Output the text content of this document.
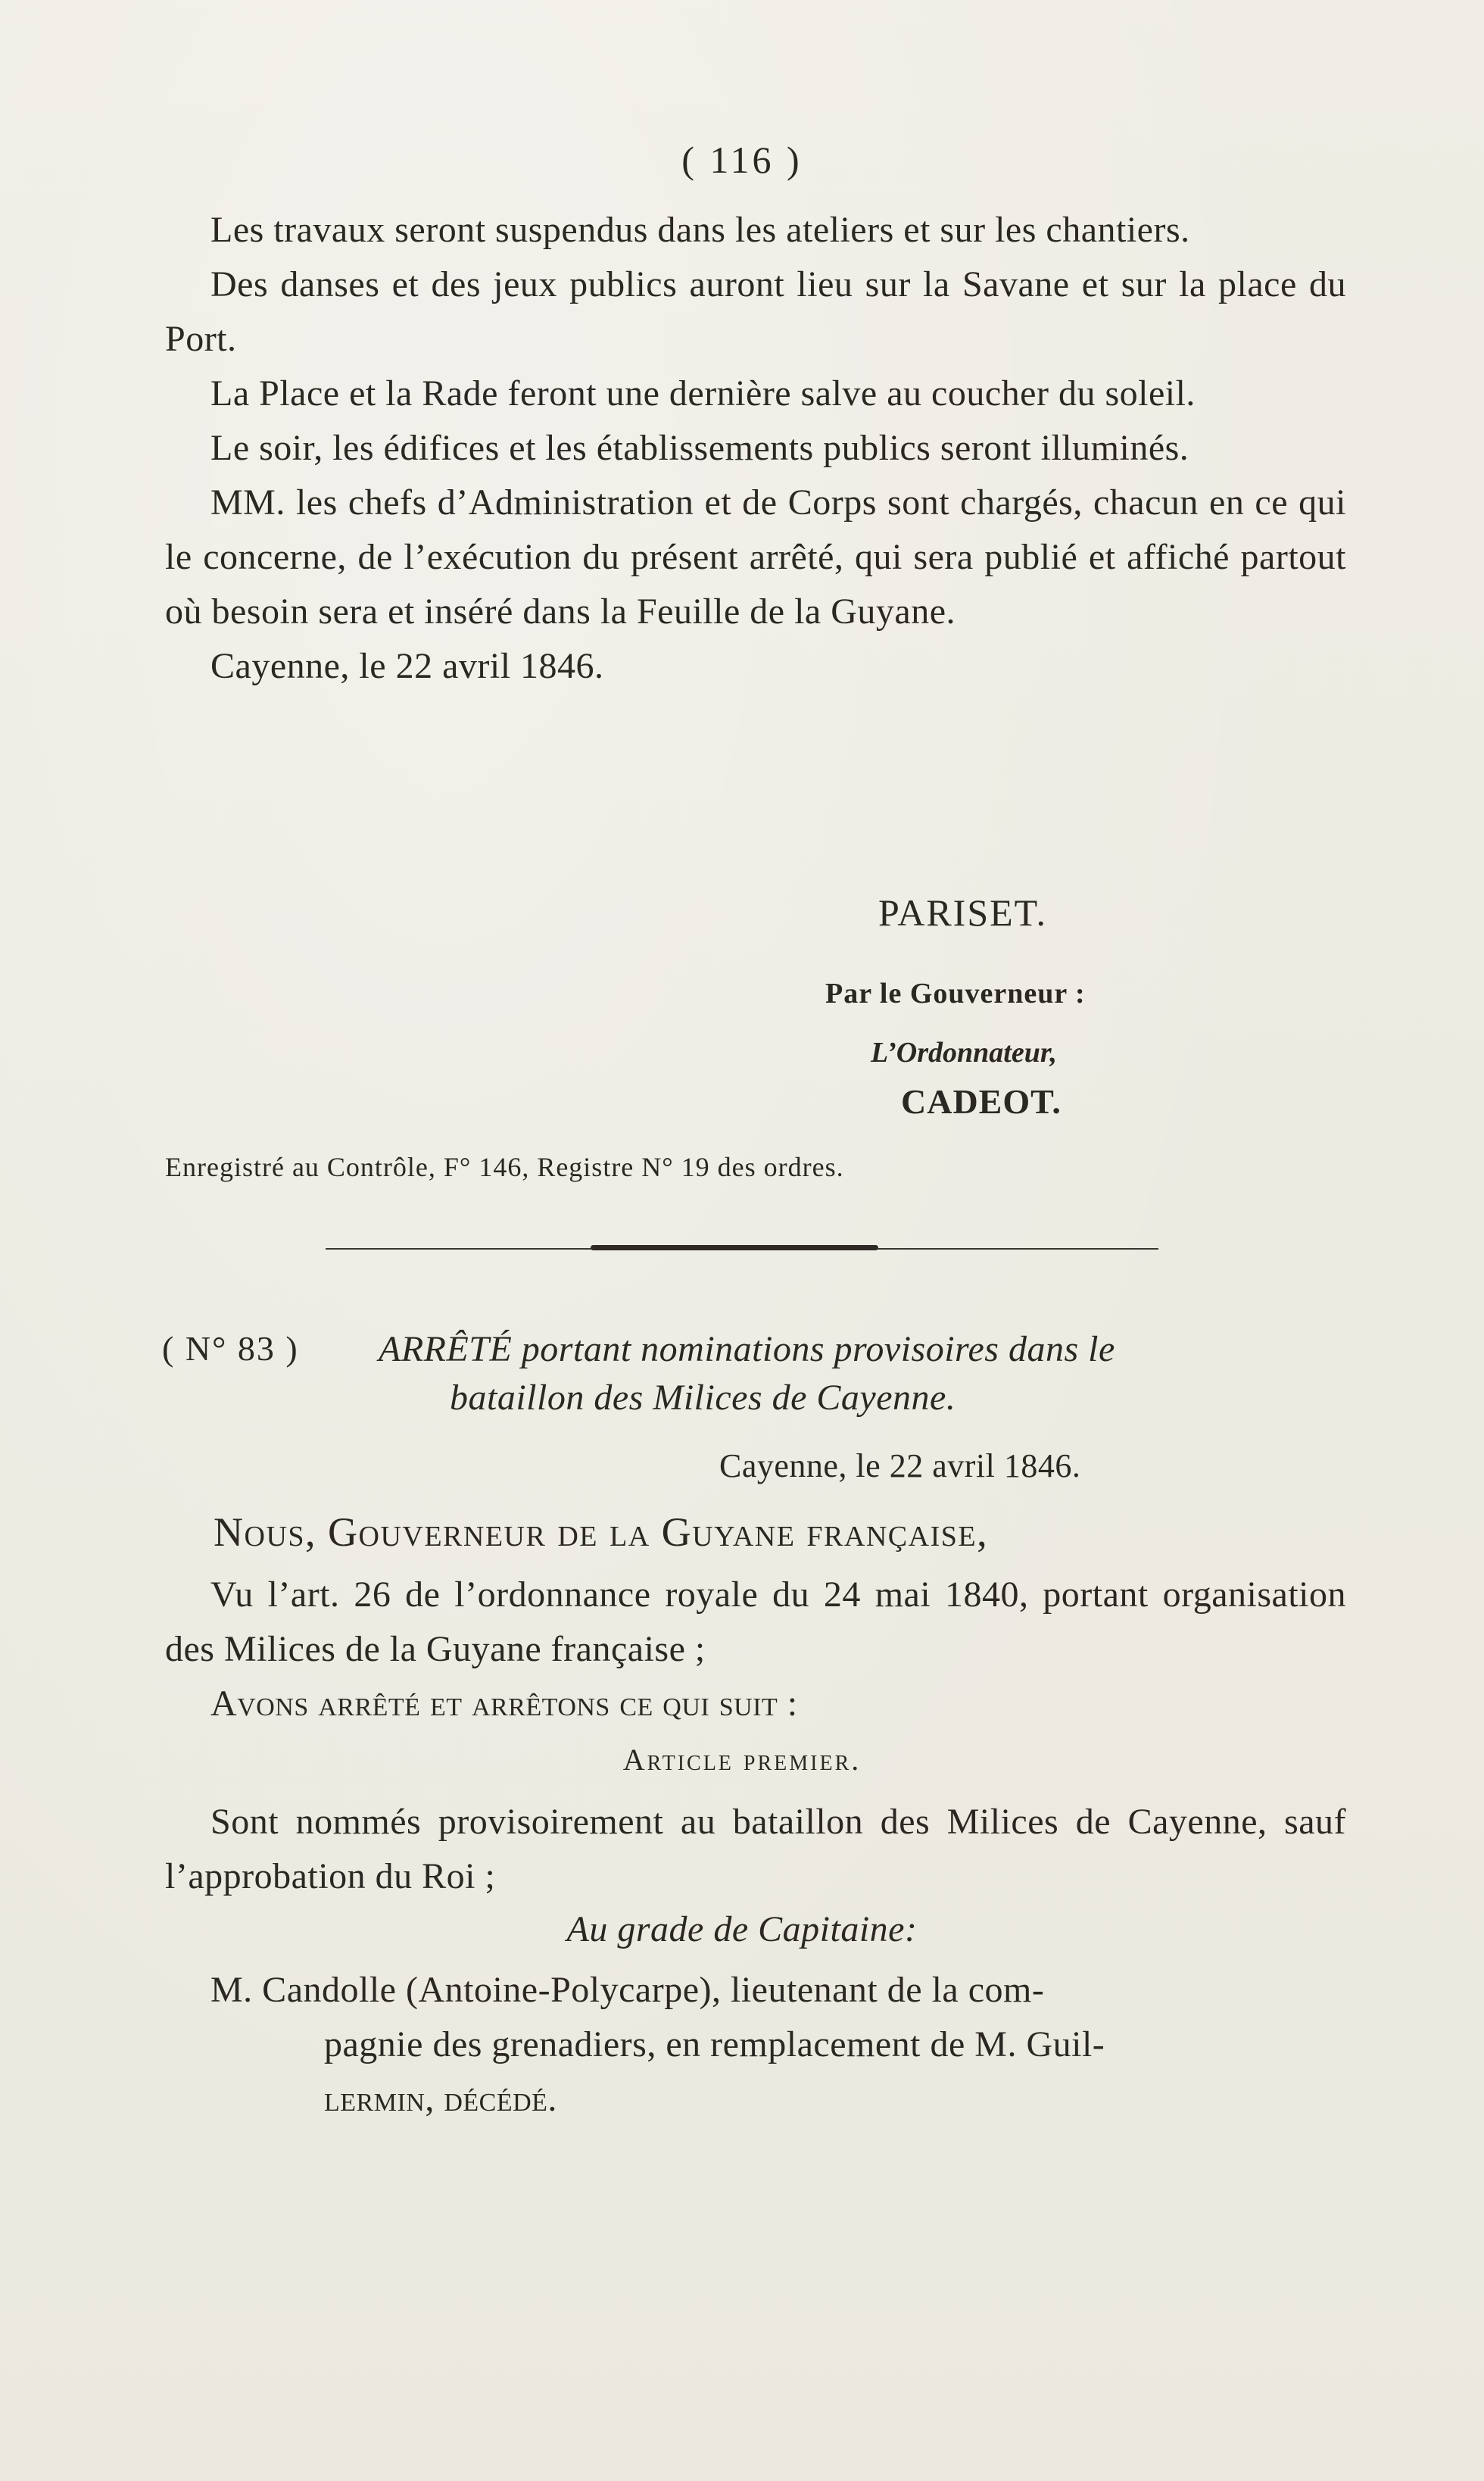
( 116 )

Les travaux seront suspendus dans les ateliers et sur les chantiers.

Des danses et des jeux publics auront lieu sur la Savane et sur la place du Port.

La Place et la Rade feront une dernière salve au coucher du soleil.

Le soir, les édifices et les établissements publics seront illuminés.

MM. les chefs d’Administration et de Corps sont chargés, chacun en ce qui le concerne, de l’exécution du présent arrêté, qui sera publié et affiché partout où besoin sera et inséré dans la Feuille de la Guyane.

Cayenne, le 22 avril 1846.

PARISET.
Par le Gouverneur :
L’Ordonnateur,
CADEOT.
Enregistré au Contrôle, F° 146, Registre N° 19 des ordres.
( N° 83 ) ARRÊTÉ portant nominations provisoires dans le
bataillon des Milices de Cayenne.
Cayenne, le 22 avril 1846.
Nous, Gouverneur de la Guyane française,

Vu l’art. 26 de l’ordonnance royale du 24 mai 1840, portant organisation des Milices de la Guyane française ;

Avons arrêté et arrêtons ce qui suit :

Article premier.

Sont nommés provisoirement au bataillon des Milices de Cayenne, sauf l’approbation du Roi ;

Au grade de Capitaine:
M. Candolle (Antoine-Polycarpe), lieutenant de la com-
pagnie des grenadiers, en remplacement de M. Guil-
lermin, décédé.
